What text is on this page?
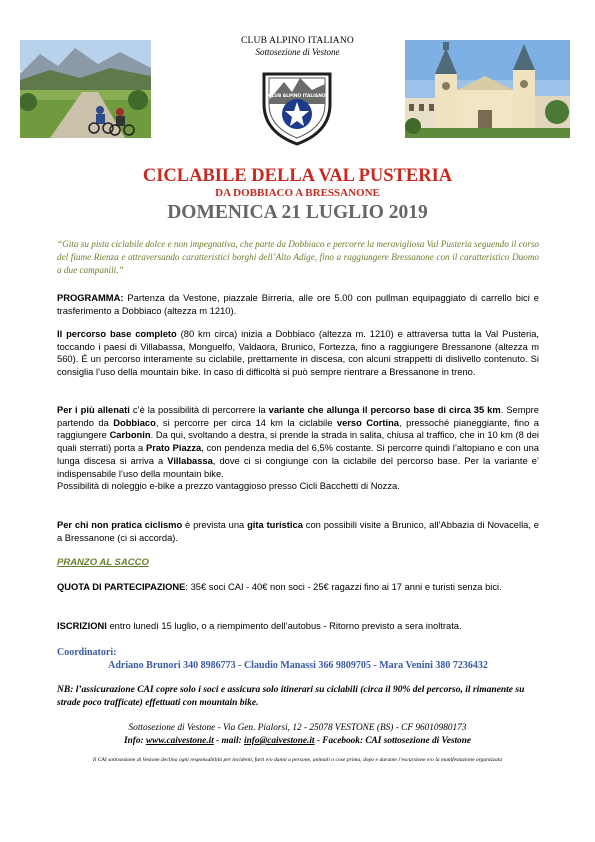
CLUB ALPINO ITALIANO
Sottosezione di Vestone
CLUB ALPINO ITALIANO
CICLABILE DELLA VAL PUSTERIA
DA DOBBIACO A BRESSANONE
DOMENICA 21 LUGLIO 2019
“Gita su pista ciclabile dolce e non impegnativa, che parte da Dobbiaco e percorre la meravigliosa Val Pusteria seguendo il corso del fiume Rienza e attraversando caratteristici borghi dell’Alto Adige, fino a raggiungere Bressanone con il caratteristico Duomo a due campanili.”
PROGRAMMA: Partenza da Vestone, piazzale Birreria, alle ore 5.00 con pullman equipaggiato di carrello bici e trasferimento a Dobbiaco (altezza m 1210).
Il percorso base completo (80 km circa) inizia a Dobbiaco (altezza m. 1210) e attraversa tutta la Val Pusteria, toccando i paesi di Villabassa, Monguelfo, Valdaora, Brunico, Fortezza, fino a raggiungere Bressanone (altezza m 560). É un percorso interamente su ciclabile, prettamente in discesa, con alcuni strappetti di dislivello contenuto. Si consiglia l’uso della mountain bike. In caso di difficoltà si può sempre rientrare a Bressanone in treno.
Per i più allenati c’è la possibilità di percorrere la variante che allunga il percorso base di circa 35 km. Sempre partendo da Dobbiaco, si percorre per circa 14 km la ciclabile verso Cortina, pressoché pianeggiante, fino a raggiungere Carbonin. Da qui, svoltando a destra, si prende la strada in salita, chiusa al traffico, che in 10 km (8 dei quali sterrati) porta a Prato Piazza, con pendenza media del 6,5% costante. Si percorre quindi l’altopiano e con una lunga discesa si arriva a Villabassa, dove ci si congiunge con la ciclabile del percorso base. Per la variante e’ indispensabile l’uso della mountain bike.
Possibilità di noleggio e-bike a prezzo vantaggioso presso Cicli Bacchetti di Nozza.
Per chi non pratica ciclismo è prevista una gita turistica con possibili visite a Brunico, all’Abbazia di Novacella, e a Bressanone (ci si accorda).
PRANZO AL SACCO
QUOTA DI PARTECIPAZIONE: 35€ soci CAI - 40€ non soci - 25€ ragazzi fino ai 17 anni e turisti senza bici.
ISCRIZIONI entro lunedì 15 luglio, o a riempimento dell’autobus - Ritorno previsto a sera inoltrata.
Coordinatori:
Adriano Brunori 340 8986773 - Claudio Manassi 366 9809705 - Mara Venini 380 7236432
NB: l’assicurazione CAI copre solo i soci e assicura solo itinerari su ciclabili (circa il 90% del percorso, il rimanente su strade poco trafficate) effettuati con mountain bike.
Sottosezione di Vestone - Via Gen. Pialorsi, 12 - 25078 VESTONE (BS) - CF 96010980173
Info: www.caivestone.it - mail: info@caivestone.it - Facebook: CAI sottosezione di Vestone
Il CAI sottosezione di Vestone declina ogni responsabilità per incidenti, furti e/o danni a persone, animali o cose prima, dopo e durante l’escursione e/o la manifestazione organizzata
